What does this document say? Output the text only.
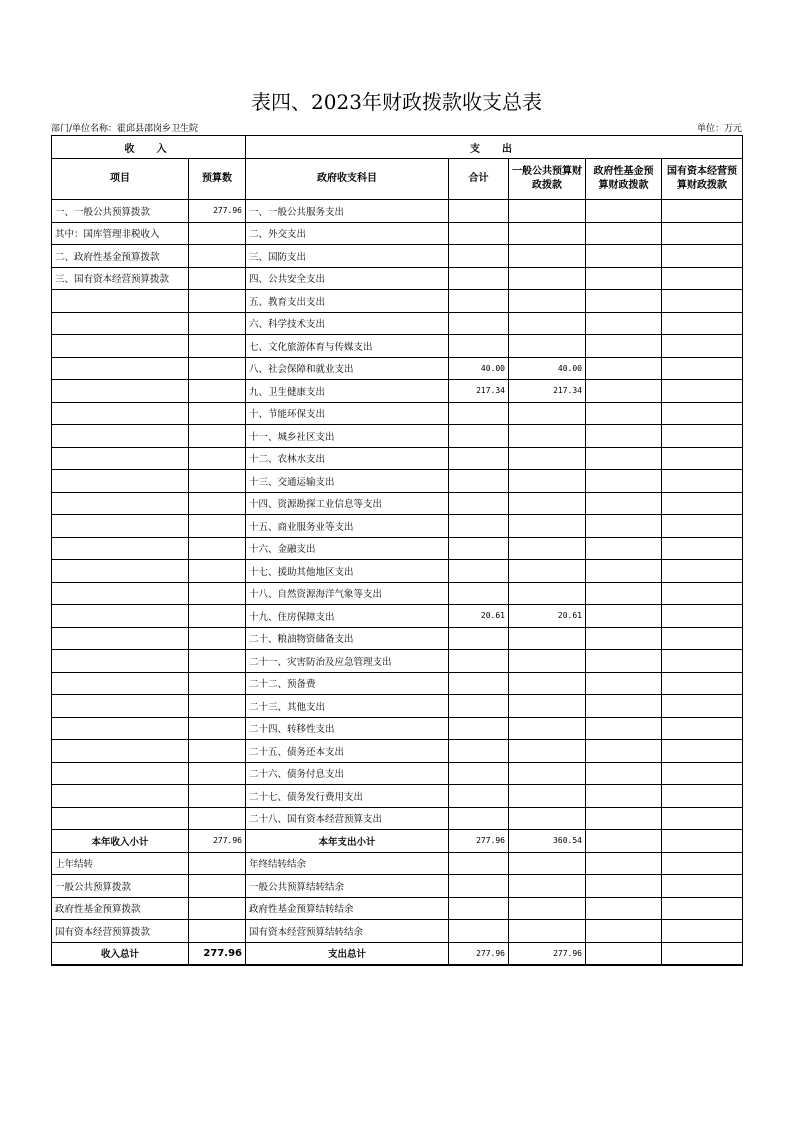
表四、2023年财政拨款收支总表
部门/单位名称：霍邱县邵岗乡卫生院	单位：万元
收　入		支　出				
项目	预算数	政府收支科目	合计	一般公共预算财政拨款	政府性基金预算财政拨款	国有资本经营预算财政拨款
一、一般公共预算拨款	277.96	一、一般公共服务支出				
其中：国库管理非税收入		二、外交支出				
二、政府性基金预算拨款		三、国防支出				
三、国有资本经营预算拨款		四、公共安全支出				
		五、教育支出支出				
		六、科学技术支出				
		七、文化旅游体育与传媒支出				
		八、社会保障和就业支出	40.00	40.00		
		九、卫生健康支出	217.34	217.34		
		十、节能环保支出				
		十一、城乡社区支出				
		十二、农林水支出				
		十三、交通运输支出				
		十四、资源勘探工业信息等支出				
		十五、商业服务业等支出				
		十六、金融支出				
		十七、援助其他地区支出				
		十八、自然资源海洋气象等支出				
		十九、住房保障支出	20.61	20.61		
		二十、粮油物资储备支出				
		二十一、灾害防治及应急管理支出				
		二十二、预备费				
		二十三、其他支出				
		二十四、转移性支出				
		二十五、债务还本支出				
		二十六、债务付息支出				
		二十七、债务发行费用支出				
		二十八、国有资本经营预算支出				
本年收入小计	277.96	本年支出小计	277.96	360.54		
上年结转		年终结转结余				
一般公共预算拨款		一般公共预算结转结余				
政府性基金预算拨款		政府性基金预算结转结余				
国有资本经营预算拨款		国有资本经营预算结转结余				
收入总计	277.96	支出总计	277.96	277.96		
